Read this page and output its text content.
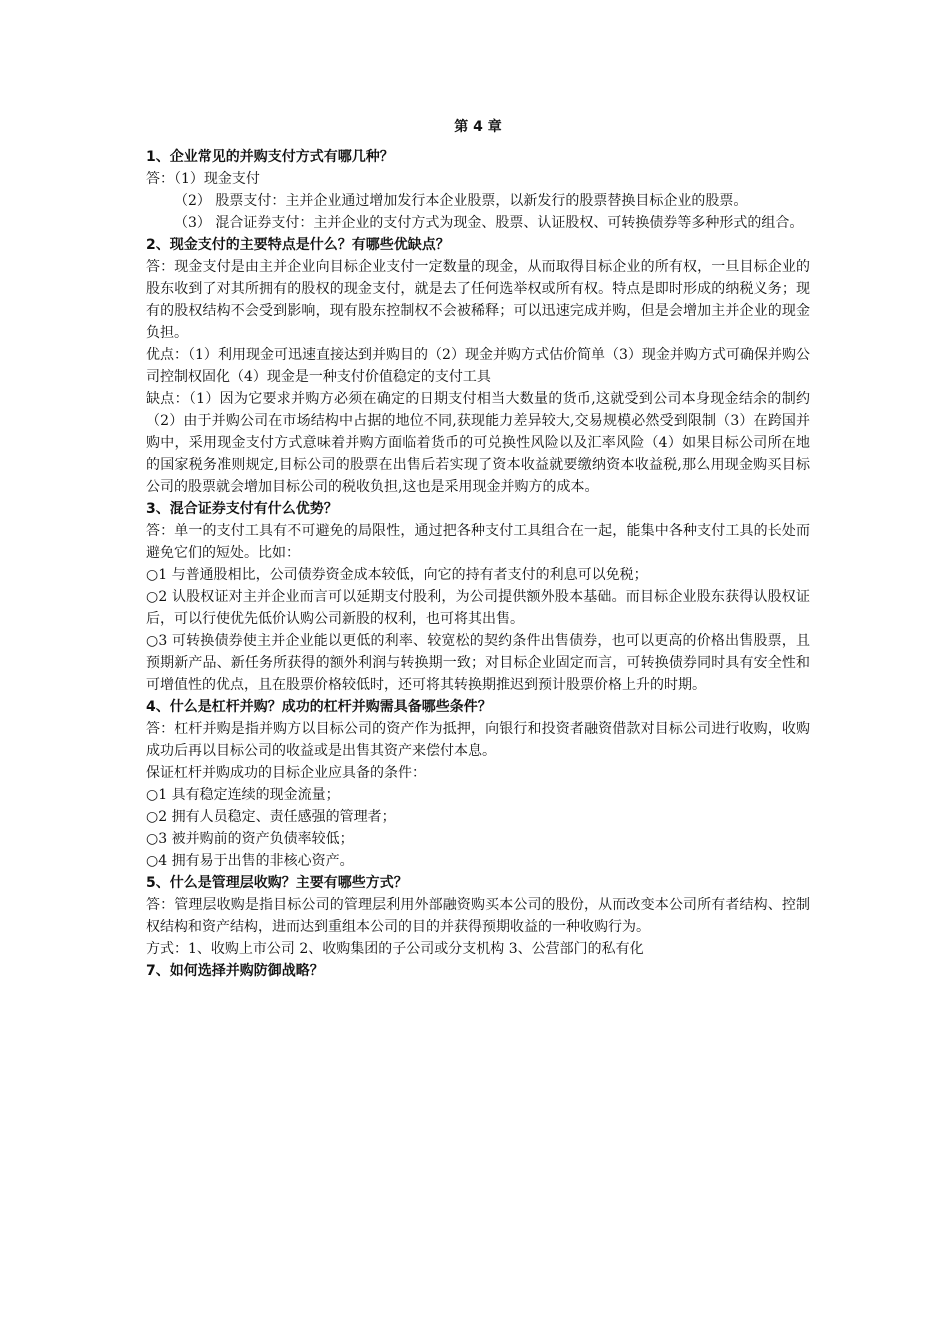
第 4 章
1、企业常见的并购支付方式有哪几种？
答：（1）现金支付
（2） 股票支付：主并企业通过增加发行本企业股票，以新发行的股票替换目标企业的股票。
（3） 混合证券支付：主并企业的支付方式为现金、股票、认证股权、可转换债券等多种形式的组合。
2、现金支付的主要特点是什么？有哪些优缺点？
答：现金支付是由主并企业向目标企业支付一定数量的现金，从而取得目标企业的所有权，一旦目标企业的股东收到了对其所拥有的股权的现金支付，就是去了任何选举权或所有权。特点是即时形成的纳税义务；现有的股权结构不会受到影响，现有股东控制权不会被稀释；可以迅速完成并购，但是会增加主并企业的现金负担。
优点：（1）利用现金可迅速直接达到并购目的（2）现金并购方式估价简单（3）现金并购方式可确保并购公司控制权固化（4）现金是一种支付价值稳定的支付工具
缺点：（1）因为它要求并购方必须在确定的日期支付相当大数量的货币,这就受到公司本身现金结余的制约（2）由于并购公司在市场结构中占据的地位不同,获现能力差异较大,交易规模必然受到限制（3）在跨国并购中，采用现金支付方式意味着并购方面临着货币的可兑换性风险以及汇率风险（4）如果目标公司所在地的国家税务准则规定,目标公司的股票在出售后若实现了资本收益就要缴纳资本收益税,那么用现金购买目标公司的股票就会增加目标公司的税收负担,这也是采用现金并购方的成本。
3、混合证券支付有什么优势？
答：单一的支付工具有不可避免的局限性，通过把各种支付工具组合在一起，能集中各种支付工具的长处而避免它们的短处。比如：
○1 与普通股相比，公司债券资金成本较低，向它的持有者支付的利息可以免税；
○2 认股权证对主并企业而言可以延期支付股利，为公司提供额外股本基础。而目标企业股东获得认股权证后，可以行使优先低价认购公司新股的权利，也可将其出售。
○3 可转换债券使主并企业能以更低的利率、较宽松的契约条件出售债券，也可以更高的价格出售股票，且预期新产品、新任务所获得的额外利润与转换期一致；对目标企业固定而言，可转换债券同时具有安全性和可增值性的优点，且在股票价格较低时，还可将其转换期推迟到预计股票价格上升的时期。
4、什么是杠杆并购？成功的杠杆并购需具备哪些条件？
答：杠杆并购是指并购方以目标公司的资产作为抵押，向银行和投资者融资借款对目标公司进行收购，收购成功后再以目标公司的收益或是出售其资产来偿付本息。
保证杠杆并购成功的目标企业应具备的条件：
○1 具有稳定连续的现金流量；
○2 拥有人员稳定、责任感强的管理者；
○3 被并购前的资产负债率较低；
○4 拥有易于出售的非核心资产。
5、什么是管理层收购？主要有哪些方式？
答：管理层收购是指目标公司的管理层利用外部融资购买本公司的股份，从而改变本公司所有者结构、控制权结构和资产结构，进而达到重组本公司的目的并获得预期收益的一种收购行为。
方式：1、收购上市公司 2、收购集团的子公司或分支机构 3、公营部门的私有化
7、如何选择并购防御战略？
